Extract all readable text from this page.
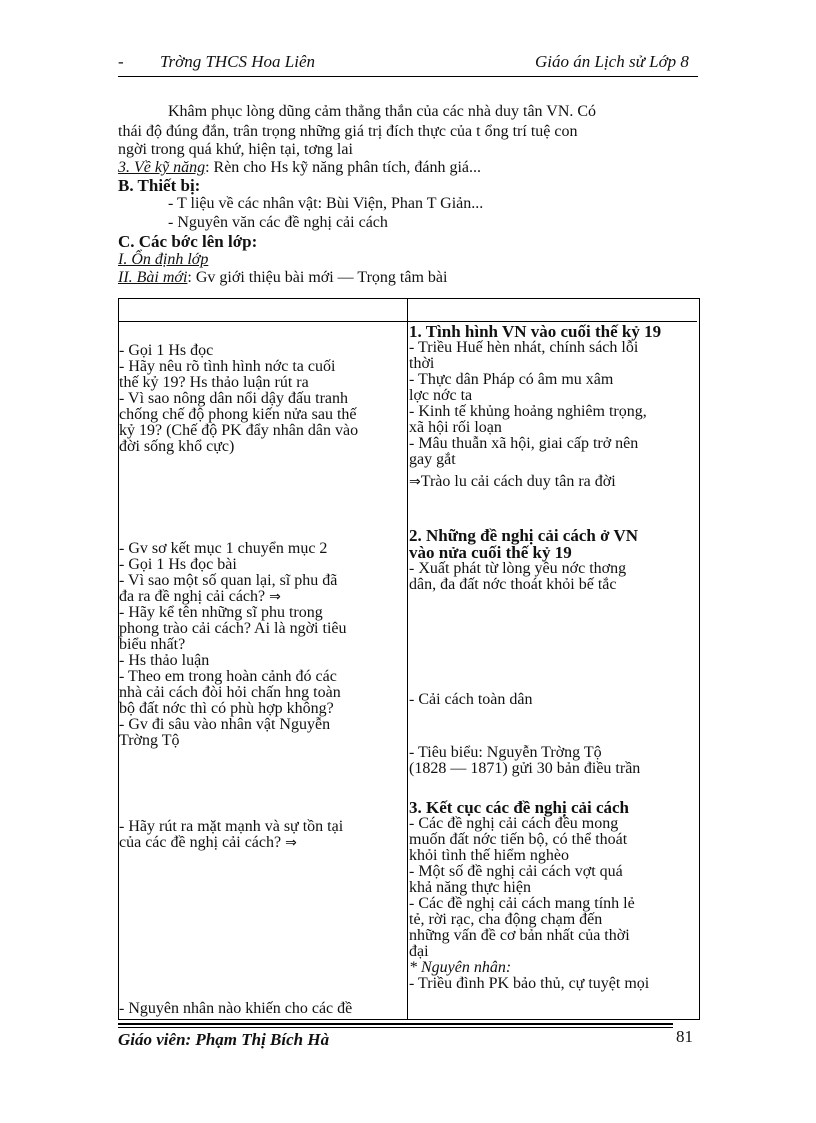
- Trờng THCS Hoa Liên	Giáo án Lịch sử Lớp 8
Khâm phục lòng dũng cảm thẳng thắn của các nhà duy tân VN. Có
thái độ đúng đắn, trân trọng những giá trị đích thực của t ổng trí tuệ con
ngời trong quá khứ, hiện tại, tơng lai
3. Về kỹ năng: Rèn cho Hs kỹ năng phân tích, đánh giá...
B. Thiết bị:
- T liệu về các nhân vật: Bùi Viện, Phan T Giản...
- Nguyên văn các đề nghị cải cách
C. Các bớc lên lớp:
I. Ổn định lớp
II. Bài mới: Gv giới thiệu bài mới — Trọng tâm bài

- Gọi 1 Hs đọc

- Hãy nêu rõ tình hình nớc ta cuối

thế kỷ 19? Hs thảo luận rút ra

- Vì sao nông dân nổi dậy đấu tranh

chống chế độ phong kiến nửa sau thế

kỷ 19? (Chế độ PK đẩy nhân dân vào

đời sống khổ cực)

- Gv sơ kết mục 1 chuyển mục 2

- Gọi 1 Hs đọc bài

- Vì sao một số quan lại, sĩ phu đã

đa ra đề nghị cải cách? ⇒

- Hãy kể tên những sĩ phu trong

phong trào cải cách? Ai là ngời tiêu

biểu nhất?

- Hs thảo luận

- Theo em trong hoàn cảnh đó các

nhà cải cách đòi hỏi chấn hng toàn

bộ đất nớc thì có phù hợp không?

- Gv đi sâu vào nhân vật Nguyễn

Trờng Tộ

- Hãy rút ra mặt mạnh và sự tồn tại

của các đề nghị cải cách? ⇒

- Nguyên nhân nào khiến cho các đề

1. Tình hình VN vào cuối thế kỷ 19

- Triều Huế hèn nhát, chính sách lỗi

thời

- Thực dân Pháp có âm mu xâm

lợc nớc ta

- Kinh tế khủng hoảng nghiêm trọng,

xã hội rối loạn

- Mâu thuẫn xã hội, giai cấp trở nên

gay gắt

⇒Trào lu cải cách duy tân ra đời

2. Những đề nghị cải cách ở VN

vào nửa cuối thế kỷ 19

- Xuất phát từ lòng yêu nớc thơng

dân, đa đất nớc thoát khỏi bế tắc

- Cải cách toàn dân

- Tiêu biểu: Nguyễn Trờng Tộ

(1828 — 1871) gửi 30 bản điều trần

3. Kết cục các đề nghị cải cách

- Các đề nghị cải cách đều mong

muốn đất nớc tiến bộ, có thể thoát

khỏi tình thế hiểm nghèo

- Một số đề nghị cải cách vợt quá

khả năng thực hiện

- Các đề nghị cải cách mang tính lẻ

tẻ, rời rạc, cha động chạm đến

những vấn đề cơ bản nhất của thời

đại

* Nguyên nhân:

- Triều đình PK bảo thủ, cự tuyệt mọi

Giáo viên: Phạm Thị Bích Hà	81
